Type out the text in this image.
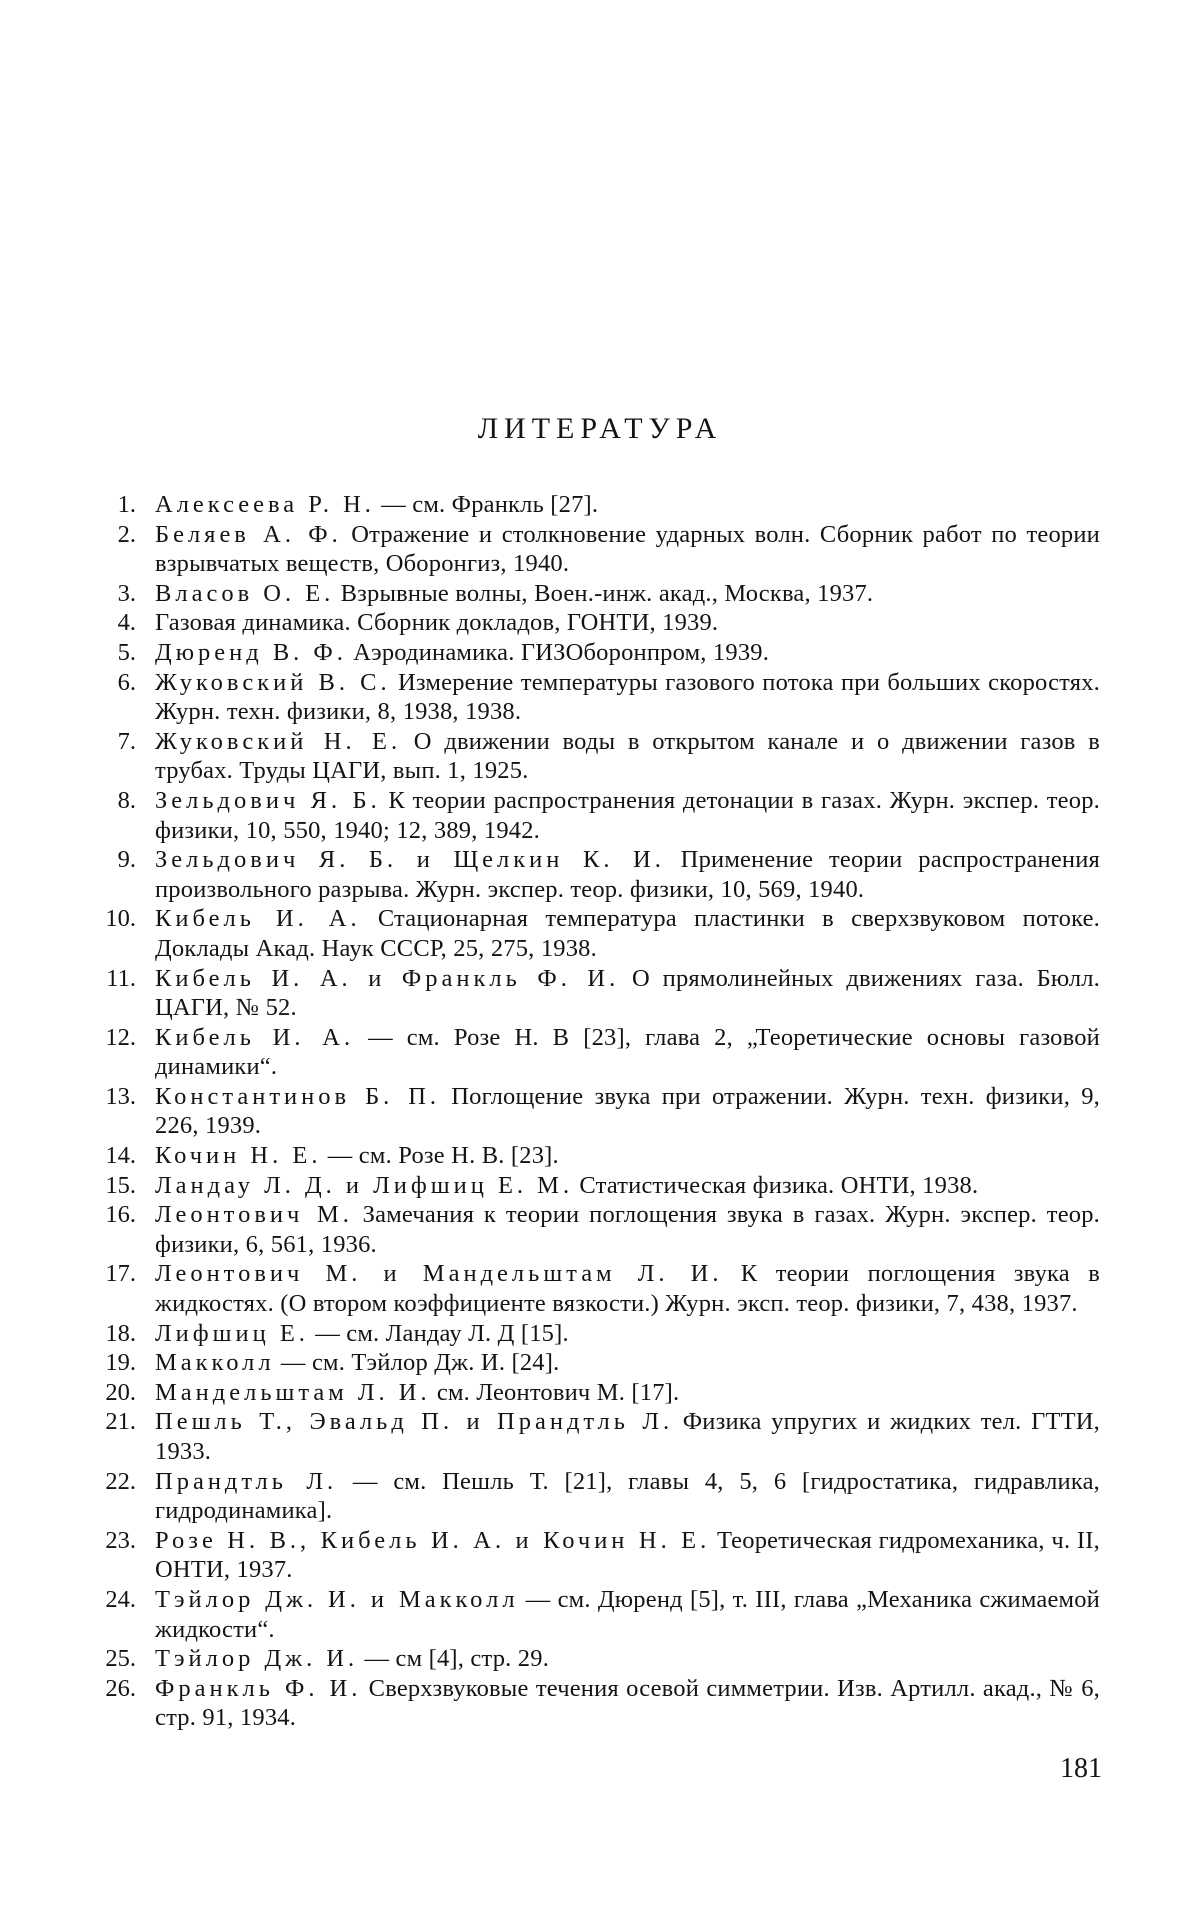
ЛИТЕРАТУРА
1. Алексеева Р. Н. — см. Франкль [27].
2. Беляев А. Ф. Отражение и столкновение ударных волн. Сборник работ по теории взрывчатых веществ, Оборонгиз, 1940.
3. Власов О. Е. Взрывные волны, Воен.-инж. акад., Москва, 1937.
4. Газовая динамика. Сборник докладов, ГОНТИ, 1939.
5. Дюренд В. Ф. Аэродинамика. ГИЗОборонпром, 1939.
6. Жуковский В. С. Измерение температуры газового потока при больших скоростях. Журн. техн. физики, 8, 1938, 1938.
7. Жуковский Н. Е. О движении воды в открытом канале и о движении газов в трубах. Труды ЦАГИ, вып. 1, 1925.
8. Зельдович Я. Б. К теории распространения детонации в газах. Журн. экспер. теор. физики, 10, 550, 1940; 12, 389, 1942.
9. Зельдович Я. Б. и Щелкин К. И. Применение теории распространения произвольного разрыва. Журн. экспер. теор. физики, 10, 569, 1940.
10. Кибель И. А. Стационарная температура пластинки в сверхзвуковом потоке. Доклады Акад. Наук СССР, 25, 275, 1938.
11. Кибель И. А. и Франкль Ф. И. О прямолинейных движениях газа. Бюлл. ЦАГИ, № 52.
12. Кибель И. А. — см. Розе Н. В [23], глава 2, „Теоретические основы газовой динамики“.
13. Константинов Б. П. Поглощение звука при отражении. Журн. техн. физики, 9, 226, 1939.
14. Кочин Н. Е. — см. Розе Н. В. [23].
15. Ландау Л. Д. и Лифшиц Е. М. Статистическая физика. ОНТИ, 1938.
16. Леонтович М. Замечания к теории поглощения звука в газах. Журн. экспер. теор. физики, 6, 561, 1936.
17. Леонтович М. и Мандельштам Л. И. К теории поглощения звука в жидкостях. (О втором коэффициенте вязкости.) Журн. эксп. теор. физики, 7, 438, 1937.
18. Лифшиц Е. — см. Ландау Л. Д [15].
19. Макколл — см. Тэйлор Дж. И. [24].
20. Мандельштам Л. И. см. Леонтович М. [17].
21. Пешль Т., Эвальд П. и Прандтль Л. Физика упругих и жидких тел. ГТТИ, 1933.
22. Прандтль Л. — см. Пешль Т. [21], главы 4, 5, 6 [гидростатика, гидравлика, гидродинамика].
23. Розе Н. В., Кибель И. А. и Кочин Н. Е. Теоретическая гидромеханика, ч. II, ОНТИ, 1937.
24. Тэйлор Дж. И. и Макколл — см. Дюренд [5], т. III, глава „Механика сжимаемой жидкости“.
25. Тэйлор Дж. И. — см [4], стр. 29.
26. Франкль Ф. И. Сверхзвуковые течения осевой симметрии. Изв. Артилл. акад., № 6, стр. 91, 1934.
181
